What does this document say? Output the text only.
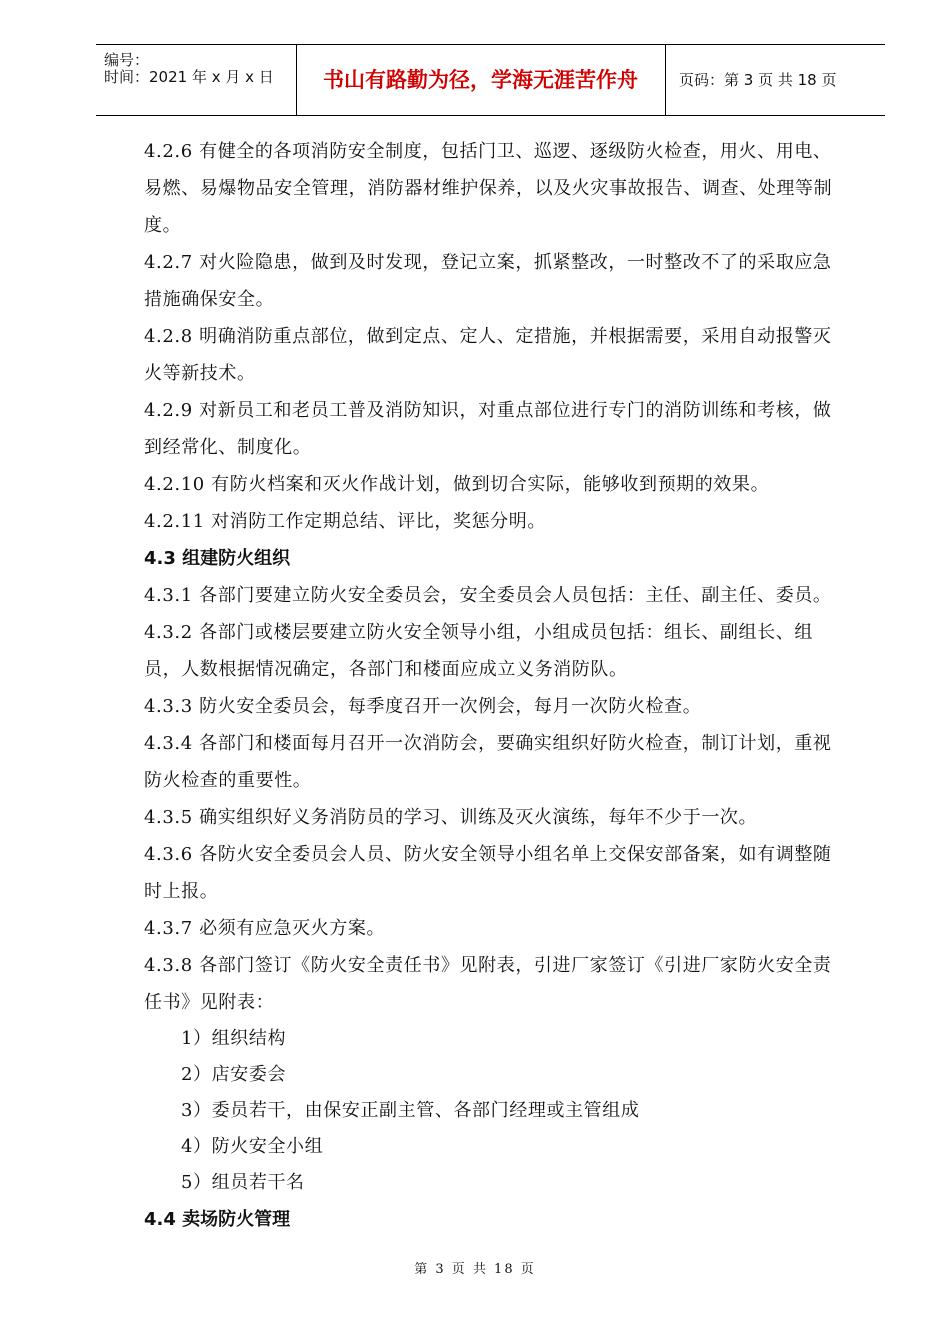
编号：
时间：2021 年 x 月 x 日	书山有路勤为径，学海无涯苦作舟	页码：第 3 页 共 18 页

4.2.6 有健全的各项消防安全制度，包括门卫、巡逻、逐级防火检查，用火、用电、易燃、易爆物品安全管理，消防器材维护保养，以及火灾事故报告、调查、处理等制度。

4.2.7 对火险隐患，做到及时发现，登记立案，抓紧整改，一时整改不了的采取应急措施确保安全。

4.2.8 明确消防重点部位，做到定点、定人、定措施，并根据需要，采用自动报警灭火等新技术。

4.2.9 对新员工和老员工普及消防知识，对重点部位进行专门的消防训练和考核，做到经常化、制度化。

4.2.10 有防火档案和灭火作战计划，做到切合实际，能够收到预期的效果。

4.2.11 对消防工作定期总结、评比，奖惩分明。

4.3 组建防火组织

4.3.1 各部门要建立防火安全委员会，安全委员会人员包括：主任、副主任、委员。

4.3.2 各部门或楼层要建立防火安全领导小组，小组成员包括：组长、副组长、组员，人数根据情况确定，各部门和楼面应成立义务消防队。

4.3.3 防火安全委员会，每季度召开一次例会，每月一次防火检查。

4.3.4 各部门和楼面每月召开一次消防会，要确实组织好防火检查，制订计划，重视防火检查的重要性。

4.3.5 确实组织好义务消防员的学习、训练及灭火演练，每年不少于一次。

4.3.6 各防火安全委员会人员、防火安全领导小组名单上交保安部备案，如有调整随时上报。

4.3.7 必须有应急灭火方案。

4.3.8 各部门签订《防火安全责任书》见附表，引进厂家签订《引进厂家防火安全责任书》见附表：

1）组织结构

2）店安委会

3）委员若干，由保安正副主管、各部门经理或主管组成

4）防火安全小组

5）组员若干名

4.4 卖场防火管理

第 3 页 共 18 页
